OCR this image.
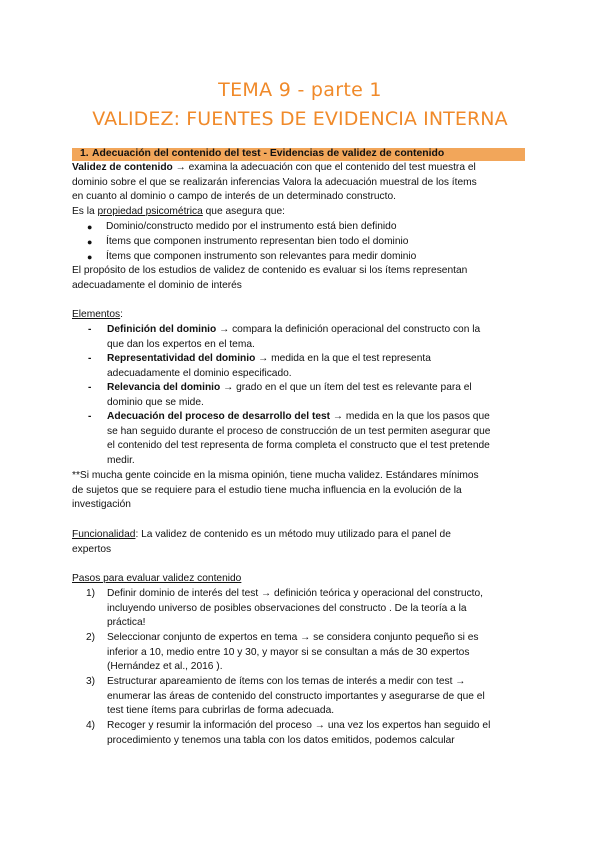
TEMA 9 - parte 1
VALIDEZ: FUENTES DE EVIDENCIA INTERNA
1. Adecuación del contenido del test - Evidencias de validez de contenido
Validez de contenido → examina la adecuación con que el contenido del test muestra el
dominio sobre el que se realizarán inferencias Valora la adecuación muestral de los ítems
en cuanto al dominio o campo de interés de un determinado constructo.
Es la propiedad psicométrica que asegura que:
● Dominio/constructo medido por el instrumento está bien definido
● Ítems que componen instrumento representan bien todo el dominio
● Ítems que componen instrumento son relevantes para medir dominio
El propósito de los estudios de validez de contenido es evaluar si los ítems representan
adecuadamente el dominio de interés
Elementos:
- Definición del dominio → compara la definición operacional del constructo con la
que dan los expertos en el tema.
- Representatividad del dominio → medida en la que el test representa
adecuadamente el dominio especificado.
- Relevancia del dominio → grado en el que un ítem del test es relevante para el
dominio que se mide.
- Adecuación del proceso de desarrollo del test → medida en la que los pasos que
se han seguido durante el proceso de construcción de un test permiten asegurar que
el contenido del test representa de forma completa el constructo que el test pretende
medir.
**Si mucha gente coincide en la misma opinión, tiene mucha validez. Estándares mínimos
de sujetos que se requiere para el estudio tiene mucha influencia en la evolución de la
investigación
Funcionalidad: La validez de contenido es un método muy utilizado para el panel de
expertos
Pasos para evaluar validez contenido
1) Definir dominio de interés del test → definición teórica y operacional del constructo,
incluyendo universo de posibles observaciones del constructo . De la teoría a la
práctica!
2) Seleccionar conjunto de expertos en tema → se considera conjunto pequeño si es
inferior a 10, medio entre 10 y 30, y mayor si se consultan a más de 30 expertos
(Hernández et al., 2016 ).
3) Estructurar apareamiento de ítems con los temas de interés a medir con test →
enumerar las áreas de contenido del constructo importantes y asegurarse de que el
test tiene ítems para cubrirlas de forma adecuada.
4) Recoger y resumir la información del proceso → una vez los expertos han seguido el
procedimiento y tenemos una tabla con los datos emitidos, podemos calcular
